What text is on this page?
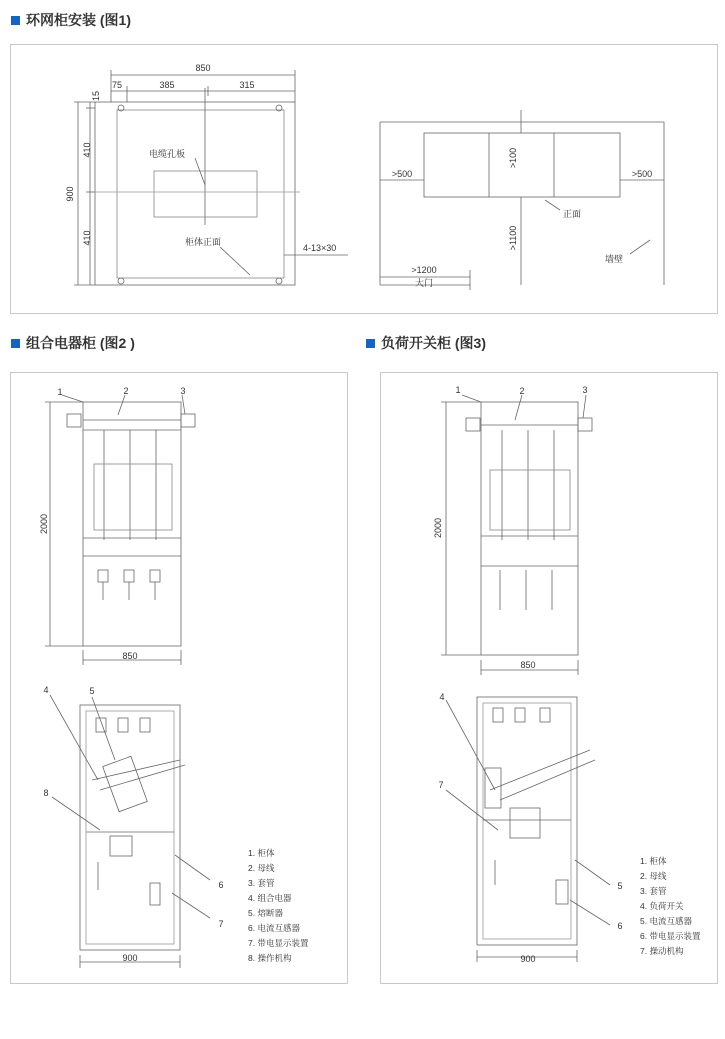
环网柜安装 (图1)
组合电器柜 (图2 )	负荷开关柜 (图3)
850
75	385	315
15
410
900
410
电缆孔板
柜体正面
4-13×30
>500	>500
>100
>1100
正面
>1200
大门
墙壁
1	2	3
2000
850
4	5
8
6
7
900
1. 柜体
2. 母线
3. 套管
4. 组合电器
5. 熔断器
6. 电流互感器
7. 带电显示装置
8. 操作机构
1	2	3
2000
850
4
7
5
6
900
1. 柜体
2. 母线
3. 套管
4. 负荷开关
5. 电流互感器
6. 带电显示装置
7. 操动机构
